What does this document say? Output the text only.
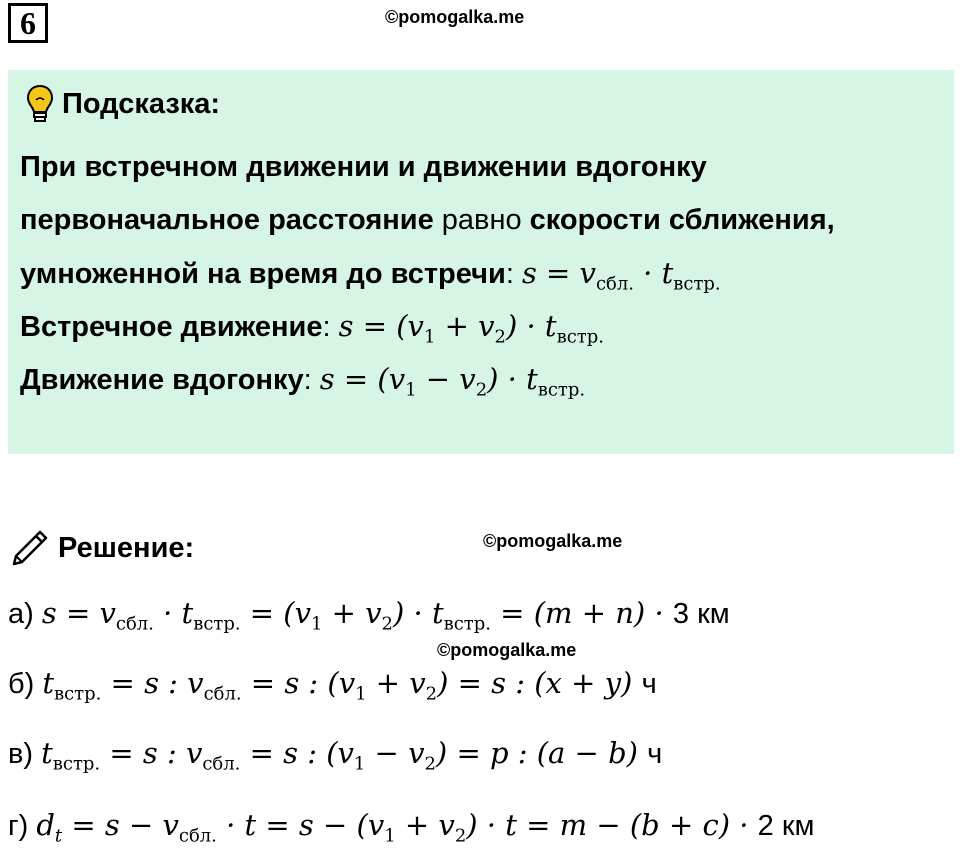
6	©pomogalka.me
Подсказка:
При встречном движении и движении вдогонку
первоначальное расстояние равно скорости сближения,
умноженной на время до встречи: $s = v_{сбл.} \cdot t_{встр.}$
Встречное движение: $s = (v_1 + v_2) \cdot t_{встр.}$
Движение вдогонку: $s = (v_1 - v_2) \cdot t_{встр.}$
Решение:	©pomogalka.me
а) $s = v_{сбл.} \cdot t_{встр.} = (v_1 + v_2) \cdot t_{встр.} = (m + n) \cdot 3$ км
©pomogalka.me
б) $t_{встр.} = s$ : $v_{сбл.} = s$ : $(v_1 + v_2) = s$ : (x + y) ч
в) $t_{встр.} = s$ : $v_{сбл.} = s$ : $(v_1 - v_2) = p$ : (a − b) ч
г) $d_t = s - v_{сбл.} \cdot t = s - (v_1 + v_2) \cdot t = m - (b + c) \cdot 2$ км
